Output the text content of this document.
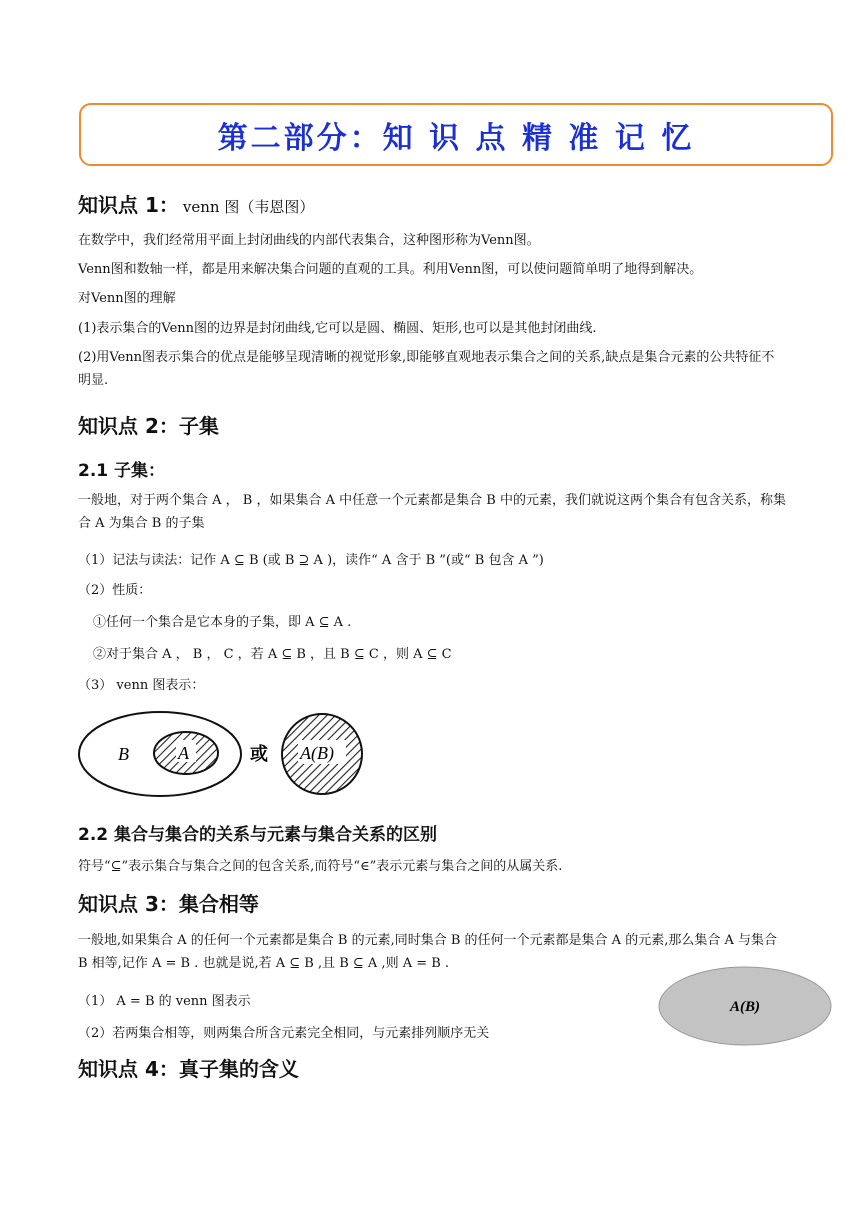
第二部分：知 识 点 精 准 记 忆
知识点 1： venn 图（韦恩图）
在数学中，我们经常用平面上封闭曲线的内部代表集合，这种图形称为Venn图。
Venn图和数轴一样，都是用来解决集合问题的直观的工具。利用Venn图，可以使问题简单明了地得到解决。
对Venn图的理解
(1)表示集合的Venn图的边界是封闭曲线,它可以是圆、椭圆、矩形,也可以是其他封闭曲线.
(2)用Venn图表示集合的优点是能够呈现清晰的视觉形象,即能够直观地表示集合之间的关系,缺点是集合元素的公共特征不明显.
知识点 2：子集
2.1 子集：
一般地，对于两个集合 A ， B ，如果集合 A 中任意一个元素都是集合 B 中的元素，我们就说这两个集合有包含关系，称集合 A 为集合 B 的子集
（1）记法与读法：记作 A ⊆ B (或 B ⊇ A )，读作“ A 含于 B ”(或“ B 包含 A ”)
（2）性质：
①任何一个集合是它本身的子集，即 A ⊆ A .
②对于集合 A ， B ， C ，若 A ⊆ B ，且 B ⊆ C ，则 A ⊆ C
（3） venn 图表示：
B	A	或 A(B)
2.2 集合与集合的关系与元素与集合关系的区别
符号“⊆”表示集合与集合之间的包含关系,而符号“∈”表示元素与集合之间的从属关系.
知识点 3：集合相等
一般地,如果集合 A 的任何一个元素都是集合 B 的元素,同时集合 B 的任何一个元素都是集合 A 的元素,那么集合 A 与集合 B 相等,记作 A = B . 也就是说,若 A ⊆ B ,且 B ⊆ A ,则 A = B .
（1） A = B 的 venn 图表示
（2）若两集合相等，则两集合所含元素完全相同，与元素排列顺序无关
A(B)
知识点 4：真子集的含义
